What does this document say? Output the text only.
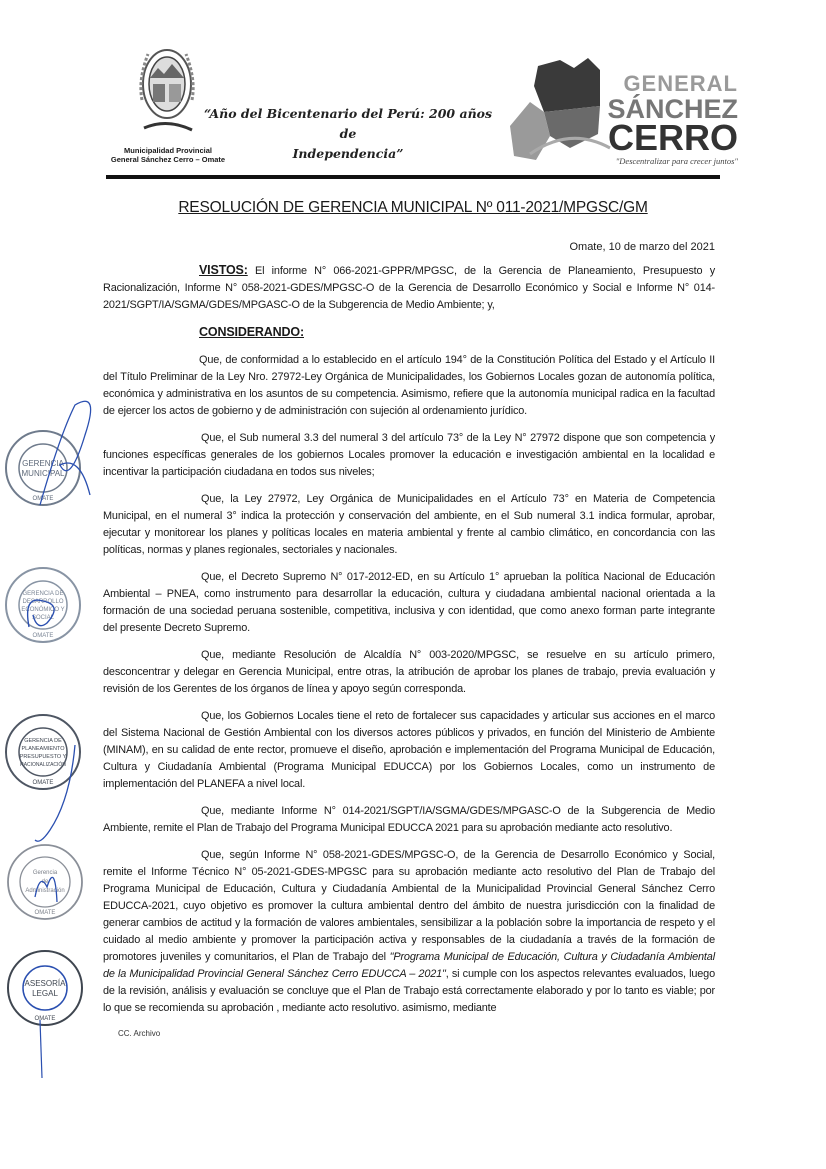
Municipalidad Provincial
General Sánchez Cerro – Omate
“Año del Bicentenario del Perú: 200 años de
Independencia”
GENERAL
SÁNCHEZ
CERRO
"Descentralizar para crecer juntos"
RESOLUCIÓN DE GERENCIA MUNICIPAL Nº 011-2021/MPGSC/GM
Omate, 10 de marzo del 2021

VISTOS: El informe N° 066-2021-GPPR/MPGSC, de la Gerencia de Planeamiento, Presupuesto y Racionalización, Informe N° 058-2021-GDES/MPGSC-O de la Gerencia de Desarrollo Económico y Social e Informe N° 014-2021/SGPT/IA/SGMA/GDES/MPGASC-O de la Subgerencia de Medio Ambiente; y,

CONSIDERANDO:

Que, de conformidad a lo establecido en el artículo 194° de la Constitución Política del Estado y el Artículo II del Título Preliminar de la Ley Nro. 27972-Ley Orgánica de Municipalidades, los Gobiernos Locales gozan de autonomía política, económica y administrativa en los asuntos de su competencia. Asimismo, refiere que la autonomía municipal radica en la facultad de ejercer los actos de gobierno y de administración con sujeción al ordenamiento jurídico.

Que, el Sub numeral 3.3 del numeral 3 del artículo 73° de la Ley N° 27972 dispone que son competencia y funciones específicas generales de los gobiernos Locales promover la educación e investigación ambiental en la localidad e incentivar la participación ciudadana en todos sus niveles;

Que, la Ley 27972, Ley Orgánica de Municipalidades en el Artículo 73° en Materia de Competencia Municipal, en el numeral 3° indica la protección y conservación del ambiente, en el Sub numeral 3.1 indica formular, aprobar, ejecutar y monitorear los planes y políticas locales en materia ambiental y frente al cambio climático, en concordancia con las políticas, normas y planes regionales, sectoriales y nacionales.

Que, el Decreto Supremo N° 017-2012-ED, en su Artículo 1° aprueban la política Nacional de Educación Ambiental – PNEA, como instrumento para desarrollar la educación, cultura y ciudadana ambiental nacional orientada a la formación de una sociedad peruana sostenible, competitiva, inclusiva y con identidad, que como anexo forman parte integrante del presente Decreto Supremo.

Que, mediante Resolución de Alcaldía N° 003-2020/MPGSC, se resuelve en su artículo primero, desconcentrar y delegar en Gerencia Municipal, entre otras, la atribución de aprobar los planes de trabajo, previa evaluación y revisión de los Gerentes de los órganos de línea y apoyo según corresponda.

Que, los Gobiernos Locales tiene el reto de fortalecer sus capacidades y articular sus acciones en el marco del Sistema Nacional de Gestión Ambiental con los diversos actores públicos y privados, en función del Ministerio de Ambiente (MINAM), en su calidad de ente rector, promueve el diseño, aprobación e implementación del Programa Municipal de Educación, Cultura y Ciudadanía Ambiental (Programa Municipal EDUCCA) por los Gobiernos Locales, como un instrumento de implementación del PLANEFA a nivel local.

Que, mediante Informe N° 014-2021/SGPT/IA/SGMA/GDES/MPGASC-O de la Subgerencia de Medio Ambiente, remite el Plan de Trabajo del Programa Municipal EDUCCA 2021 para su aprobación mediante acto resolutivo.

Que, según Informe N° 058-2021-GDES/MPGSC-O, de la Gerencia de Desarrollo Económico y Social, remite el Informe Técnico N° 05-2021-GDES-MPGSC para su aprobación mediante acto resolutivo del Plan de Trabajo del Programa Municipal de Educación, Cultura y Ciudadanía Ambiental de la Municipalidad Provincial General Sánchez Cerro EDUCCA-2021, cuyo objetivo es promover la cultura ambiental dentro del ámbito de nuestra jurisdicción con la finalidad de generar cambios de actitud y la formación de valores ambientales, sensibilizar a la población sobre la importancia de respeto y el cuidado al medio ambiente y promover la participación activa y responsables de la ciudadanía a través de la formación de promotores juveniles y comunitarios, el Plan de Trabajo del "Programa Municipal de Educación, Cultura y Ciudadanía Ambiental de la Municipalidad Provincial General Sánchez Cerro EDUCCA – 2021", si cumple con los aspectos relevantes evaluados, luego de la revisión, análisis y evaluación se concluye que el Plan de Trabajo está correctamente elaborado y por lo tanto es viable; por lo que se recomienda su aprobación , mediante acto resolutivo. asimismo, mediante

CC. Archivo
GERENCIA
MUNICIPAL
OMATE
GERENCIA DE
DESARROLLO
ECONÓMICO Y
SOCIAL
OMATE
GERENCIA DE
PLANEAMIENTO
PRESUPUESTO Y
RACIONALIZACIÓN
OMATE
Gerencia
de
Administración
OMATE
ASESORÍA
LEGAL
OMATE
